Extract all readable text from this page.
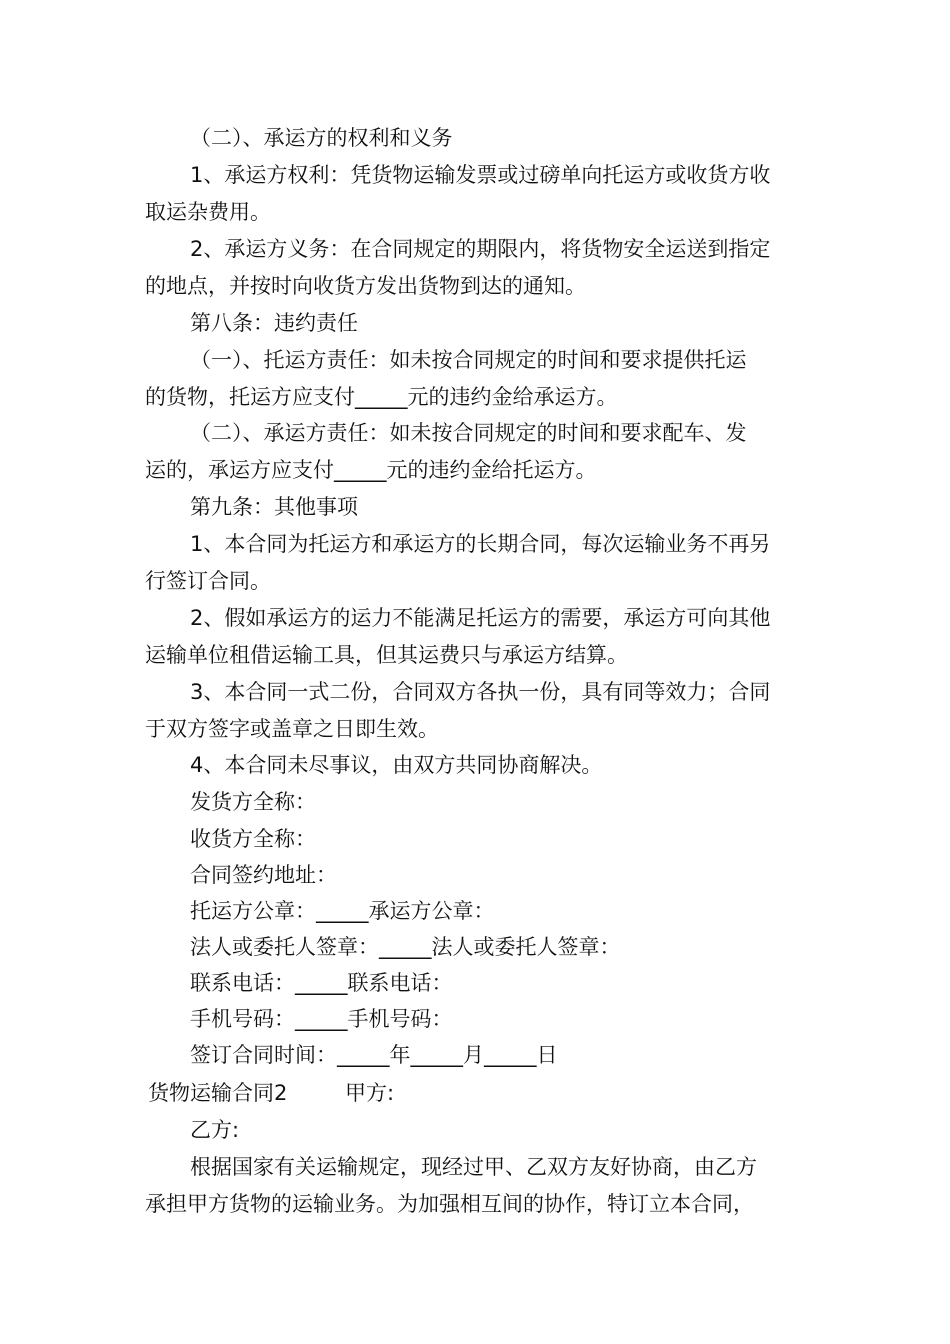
（二）、承运方的权利和义务
1、承运方权利：凭货物运输发票或过磅单向托运方或收货方收
取运杂费用。
2、承运方义务：在合同规定的期限内，将货物安全运送到指定
的地点，并按时向收货方发出货物到达的通知。
第八条：违约责任
（一）、托运方责任：如未按合同规定的时间和要求提供托运
的货物，托运方应支付_____元的违约金给承运方。
（二）、承运方责任：如未按合同规定的时间和要求配车、发
运的，承运方应支付_____元的违约金给托运方。
第九条：其他事项
1、本合同为托运方和承运方的长期合同，每次运输业务不再另
行签订合同。
2、假如承运方的运力不能满足托运方的需要，承运方可向其他
运输单位租借运输工具，但其运费只与承运方结算。
3、本合同一式二份，合同双方各执一份，具有同等效力；合同
于双方签字或盖章之日即生效。
4、本合同未尽事议，由双方共同协商解决。
发货方全称：
收货方全称：
合同签约地址：
托运方公章：_____承运方公章：
法人或委托人签章：_____法人或委托人签章：
联系电话：_____联系电话：
手机号码：_____手机号码：
签订合同时间：_____年_____月_____日
货物运输合同2	甲方:
乙方:
根据国家有关运输规定，现经过甲、乙双方友好协商，由乙方
承担甲方货物的运输业务。为加强相互间的协作，特订立本合同，
